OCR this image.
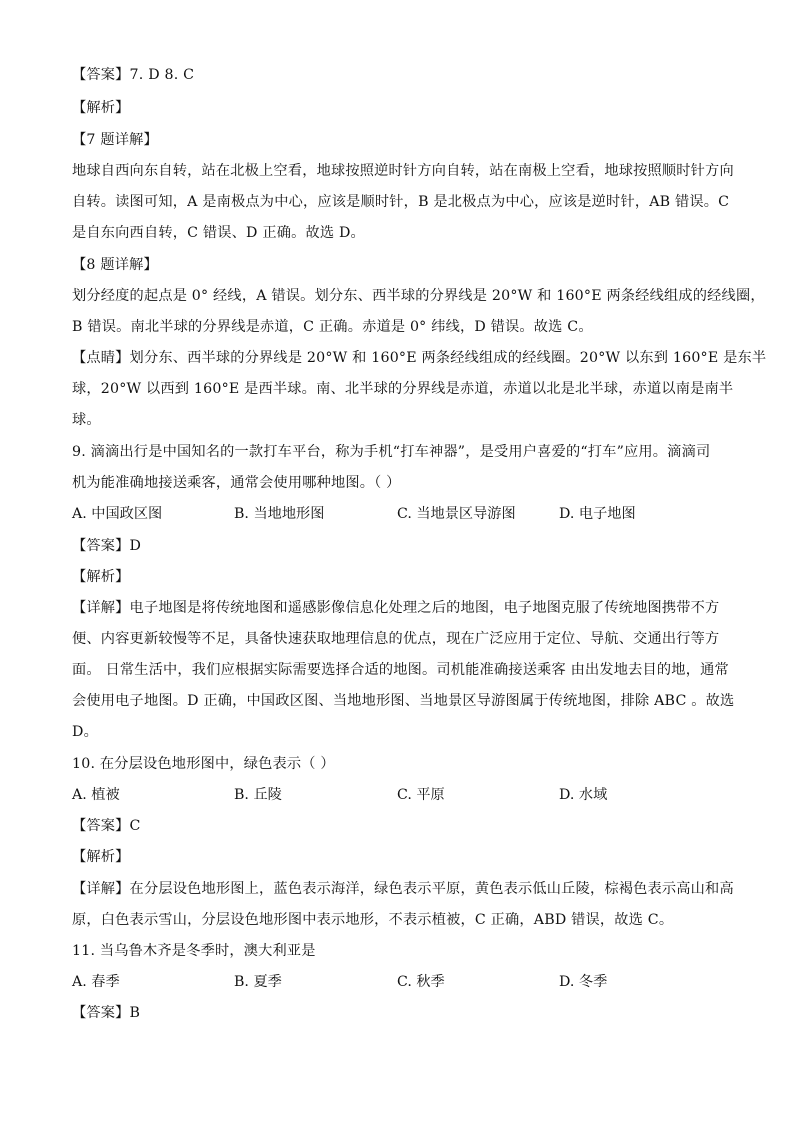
【答案】7. D 8. C

【解析】

【7 题详解】

地球自西向东自转，站在北极上空看，地球按照逆时针方向自转，站在南极上空看，地球按照顺时针方向

自转。读图可知，A 是南极点为中心，应该是顺时针，B 是北极点为中心，应该是逆时针，AB 错误。C

是自东向西自转，C 错误、D 正确。故选 D。

【8 题详解】

划分经度的起点是 0° 经线，A 错误。划分东、西半球的分界线是 20°W 和 160°E 两条经线组成的经线圈，

B 错误。南北半球的分界线是赤道，C 正确。赤道是 0° 纬线，D 错误。故选 C。

【点睛】划分东、西半球的分界线是 20°W 和 160°E 两条经线组成的经线圈。20°W 以东到 160°E 是东半

球，20°W 以西到 160°E 是西半球。南、北半球的分界线是赤道，赤道以北是北半球，赤道以南是南半

球。

9. 滴滴出行是中国知名的一款打车平台，称为手机“打车神器”，是受用户喜爱的“打车”应用。滴滴司

机为能准确地接送乘客，通常会使用哪种地图。（ ）

A. 中国政区图	B. 当地地形图	C. 当地景区导游图	D. 电子地图

【答案】D

【解析】

【详解】电子地图是将传统地图和遥感影像信息化处理之后的地图，电子地图克服了传统地图携带不方

便、内容更新较慢等不足，具备快速获取地理信息的优点，现在广泛应用于定位、导航、交通出行等方

面。 日常生活中，我们应根据实际需要选择合适的地图。司机能准确接送乘客 由出发地去目的地，通常

会使用电子地图。D 正确，中国政区图、当地地形图、当地景区导游图属于传统地图，排除 ABC 。故选

D。

10. 在分层设色地形图中，绿色表示（ ）

A. 植被	B. 丘陵	C. 平原	D. 水域

【答案】C

【解析】

【详解】在分层设色地形图上，蓝色表示海洋，绿色表示平原，黄色表示低山丘陵，棕褐色表示高山和高

原，白色表示雪山，分层设色地形图中表示地形，不表示植被，C 正确，ABD 错误，故选 C。

11. 当乌鲁木齐是冬季时，澳大利亚是

A. 春季	B. 夏季	C. 秋季	D. 冬季

【答案】B
